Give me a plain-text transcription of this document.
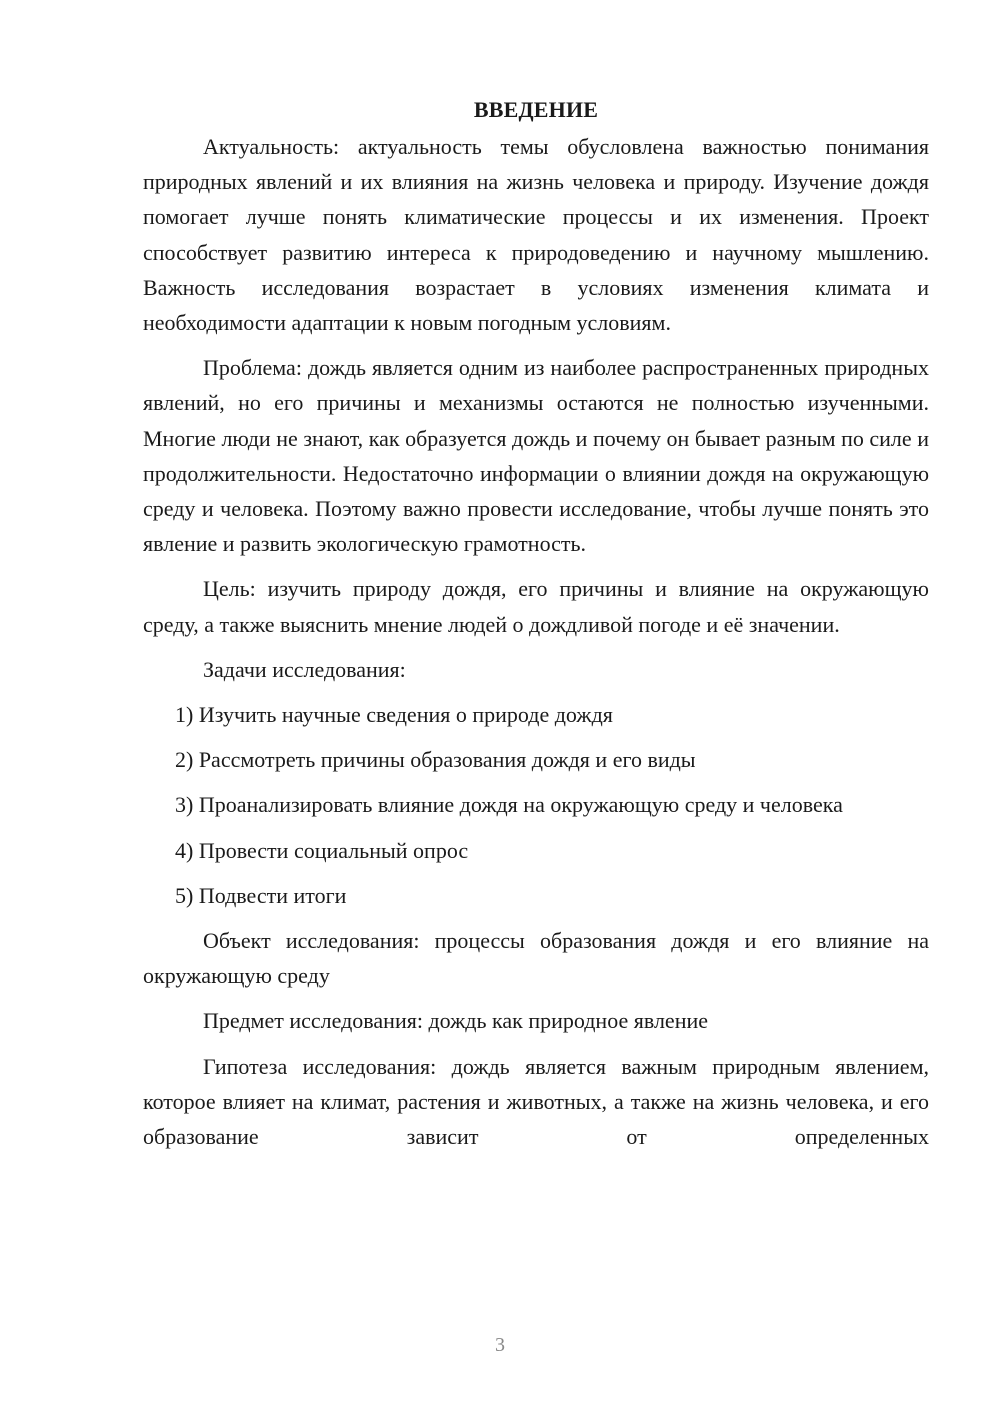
ВВЕДЕНИЕ

Актуальность: актуальность темы обусловлена важностью понимания природных явлений и их влияния на жизнь человека и природу. Изучение дождя помогает лучше понять климатические процессы и их изменения. Проект способствует развитию интереса к природоведению и научному мышлению. Важность исследования возрастает в условиях изменения климата и необходимости адаптации к новым погодным условиям.

Проблема: дождь является одним из наиболее распространенных природных явлений, но его причины и механизмы остаются не полностью изученными. Многие люди не знают, как образуется дождь и почему он бывает разным по силе и продолжительности. Недостаточно информации о влиянии дождя на окружающую среду и человека. Поэтому важно провести исследование, чтобы лучше понять это явление и развить экологическую грамотность.

Цель: изучить природу дождя, его причины и влияние на окружающую среду, а также выяснить мнение людей о дождливой погоде и её значении.

Задачи исследования:

1) Изучить научные сведения о природе дождя

2) Рассмотреть причины образования дождя и его виды

3) Проанализировать влияние дождя на окружающую среду и человека

4) Провести социальный опрос

5) Подвести итоги

Объект исследования: процессы образования дождя и его влияние на окружающую среду

Предмет исследования: дождь как природное явление

Гипотеза исследования: дождь является важным природным явлением, которое влияет на климат, растения и животных, а также на жизнь человека, и его образование зависит от определенных

3
